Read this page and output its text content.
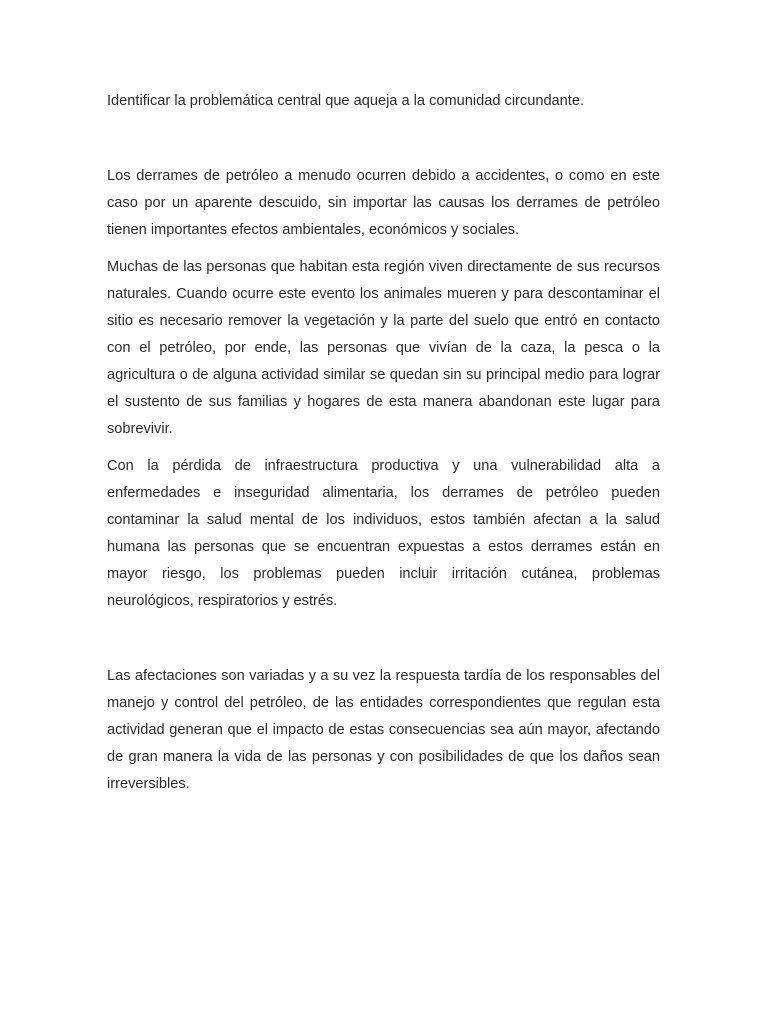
Identificar la problemática central que aqueja a la comunidad circundante.

Los derrames de petróleo a menudo ocurren debido a accidentes, o como en este caso por un aparente descuido, sin importar las causas los derrames de petróleo tienen importantes efectos ambientales, económicos y sociales.

Muchas de las personas que habitan esta región viven directamente de sus recursos naturales. Cuando ocurre este evento los animales mueren y para descontaminar el sitio es necesario remover la vegetación y la parte del suelo que entró en contacto con el petróleo, por ende, las personas que vivían de la caza, la pesca o la agricultura o de alguna actividad similar se quedan sin su principal medio para lograr el sustento de sus familias y hogares de esta manera abandonan este lugar para sobrevivir.

Con la pérdida de infraestructura productiva y una vulnerabilidad alta a enfermedades e inseguridad alimentaria, los derrames de petróleo pueden contaminar la salud mental de los individuos, estos también afectan a la salud humana las personas que se encuentran expuestas a estos derrames están en mayor riesgo, los problemas pueden incluir irritación cutánea, problemas neurológicos, respiratorios y estrés.

Las afectaciones son variadas y a su vez la respuesta tardía de los responsables del manejo y control del petróleo, de las entidades correspondientes que regulan esta actividad generan que el impacto de estas consecuencias sea aún mayor, afectando de gran manera la vida de las personas y con posibilidades de que los daños sean irreversibles.
